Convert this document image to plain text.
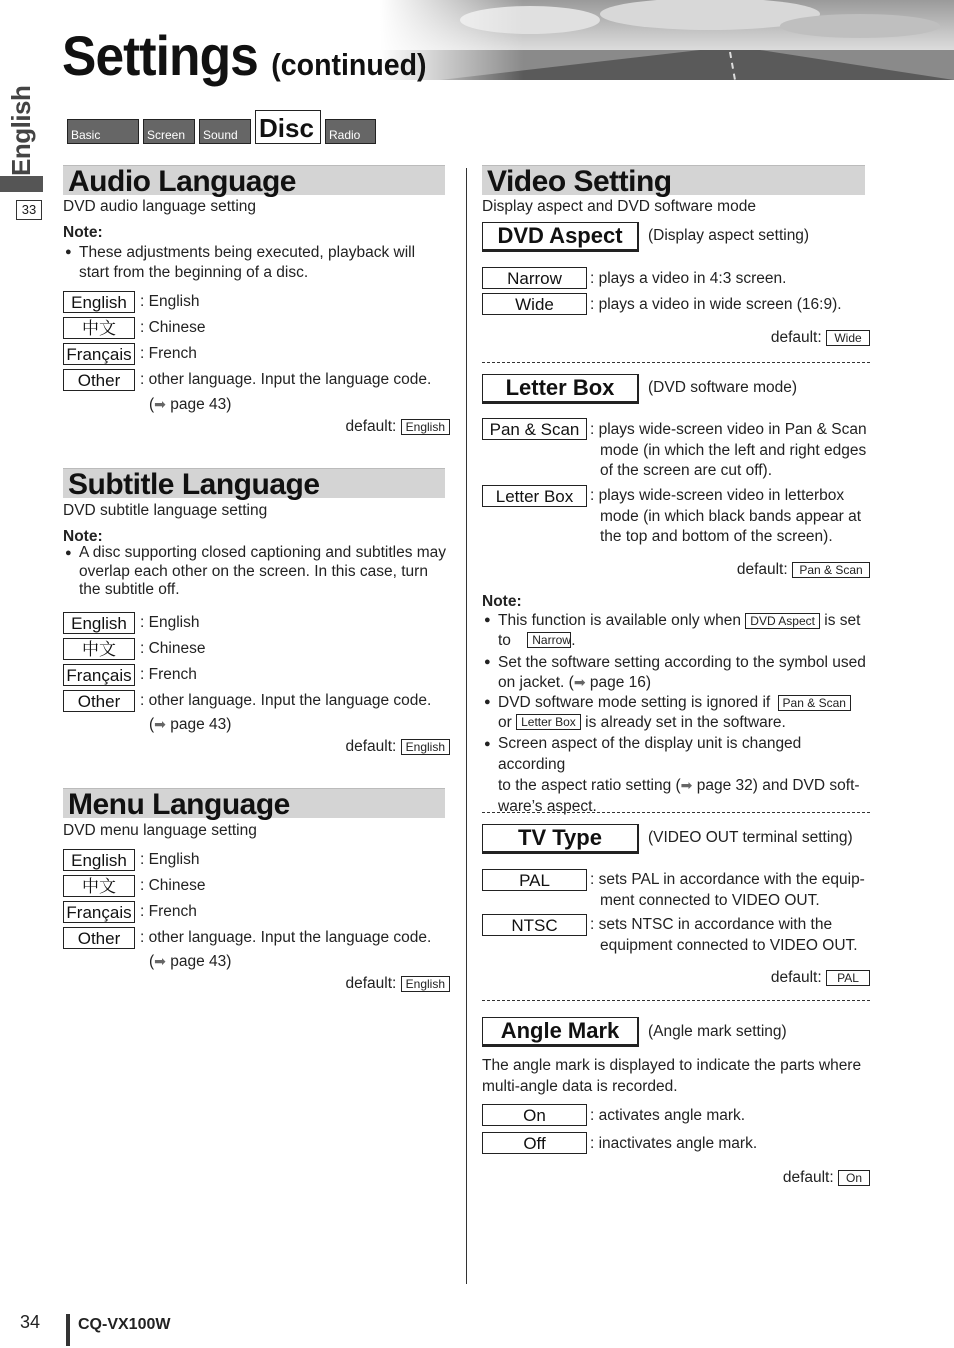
Settings (continued)
English
33
Basic	Screen	Sound Disc	Radio
Audio Language
DVD audio language setting
Note:
● These adjustments being executed, playback will start from the beginning of a disc.
English : English
中文	: Chinese
Français : French
Other	: other language. Input the language code.
(➡ page 43)
default: English
Subtitle Language
DVD subtitle language setting
Note:
● A disc supporting closed captioning and subtitles may overlap each other on the screen. In this case, turn the subtitle off.
English : English
中文	: Chinese
Français : French
Other	: other language. Input the language code.
(➡ page 43)
default: English
Menu Language
DVD menu language setting
English : English
中文	: Chinese
Français : French
Other	: other language. Input the language code.
(➡ page 43)
default: English
Video Setting
Display aspect and DVD software mode
DVD Aspect	(Display aspect setting)
Narrow	: plays a video in 4:3 screen.
Wide	: plays a video in wide screen (16:9).
default: Wide
Letter Box	(DVD software mode)
Pan & Scan : plays wide-screen video in Pan & Scan
mode (in which the left and right edges
of the screen are cut off).
Letter Box	: plays wide-screen video in letterbox
mode (in which black bands appear at
the top and bottom of the screen).
default: Pan & Scan
Note:
● This function is available only when DVD Aspect is set
to Narrow.
● Set the software setting according to the symbol used
on jacket. (➡ page 16)
● DVD software mode setting is ignored if Pan & Scan
or Letter Box is already set in the software.
● Screen aspect of the display unit is changed according
to the aspect ratio setting (➡ page 32) and DVD soft-
ware’s aspect.
TV Type	(VIDEO OUT terminal setting)
PAL	: sets PAL in accordance with the equip-
ment connected to VIDEO OUT.
NTSC	: sets NTSC in accordance with the
equipment connected to VIDEO OUT.
default: PAL
Angle Mark	(Angle mark setting)
The angle mark is displayed to indicate the parts where
multi-angle data is recorded.
On	: activates angle mark.
Off	: inactivates angle mark.
default: On
34 CQ-VX100W
